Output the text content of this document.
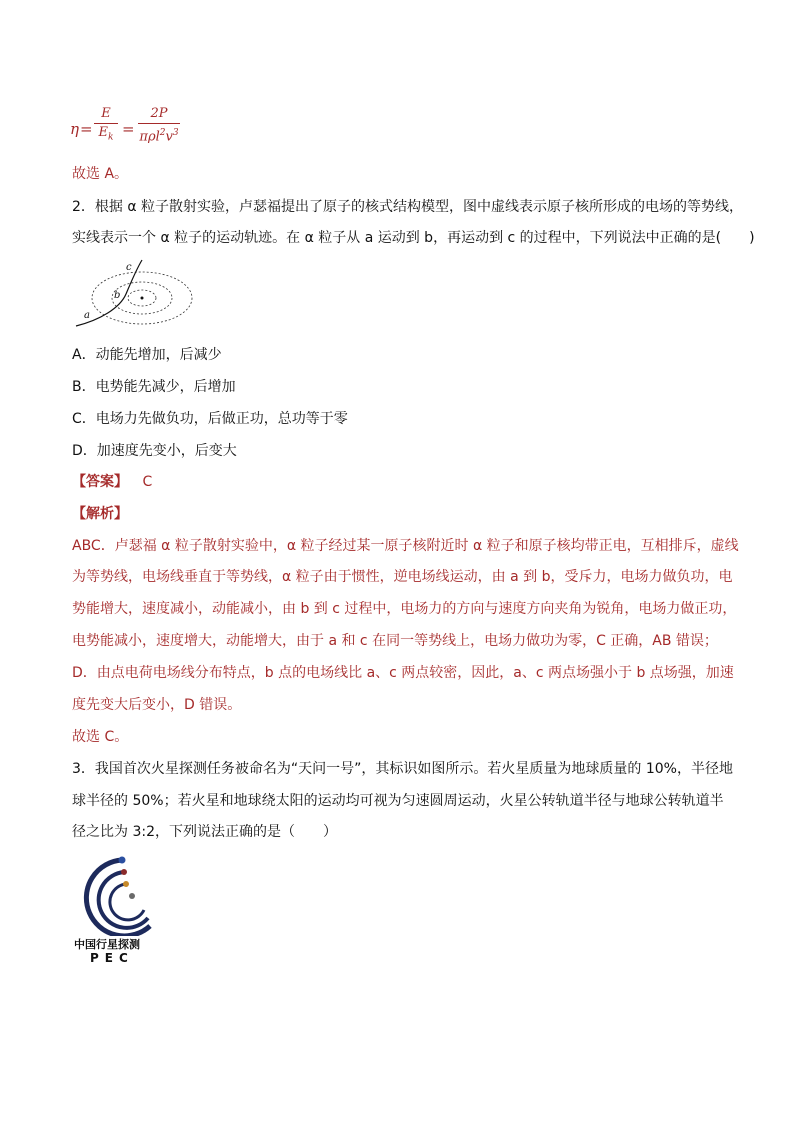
η =
E
$E_k$ =
2P
$\pi\rho l^2v^3$
故选 A。
2．根据 α 粒子散射实验，卢瑟福提出了原子的核式结构模型，图中虚线表示原子核所形成的电场的等势线，
实线表示一个 α 粒子的运动轨迹。在 α 粒子从 a 运动到 b，再运动到 c 的过程中，下列说法中正确的是(　　)
a
b
c
A．动能先增加，后减少
B．电势能先减少，后增加
C．电场力先做负功，后做正功，总功等于零
D．加速度先变小，后变大
【答案】 C
【解析】
ABC．卢瑟福 α 粒子散射实验中，α 粒子经过某一原子核附近时 α 粒子和原子核均带正电，互相排斥，虚线
为等势线，电场线垂直于等势线，α 粒子由于惯性，逆电场线运动，由 a 到 b，受斥力，电场力做负功，电
势能增大，速度减小，动能减小，由 b 到 c 过程中，电场力的方向与速度方向夹角为锐角，电场力做正功，
电势能减小，速度增大，动能增大，由于 a 和 c 在同一等势线上，电场力做功为零，C 正确，AB 错误；
D．由点电荷电场线分布特点，b 点的电场线比 a、c 两点较密，因此，a、c 两点场强小于 b 点场强，加速
度先变大后变小，D 错误。
故选 C。
3．我国首次火星探测任务被命名为“天问一号”，其标识如图所示。若火星质量为地球质量的 10%，半径地
球半径的 50%；若火星和地球绕太阳的运动均可视为匀速圆周运动，火星公转轨道半径与地球公转轨道半
径之比为 3:2，下列说法正确的是（　　）
中国行星探测
PEC
